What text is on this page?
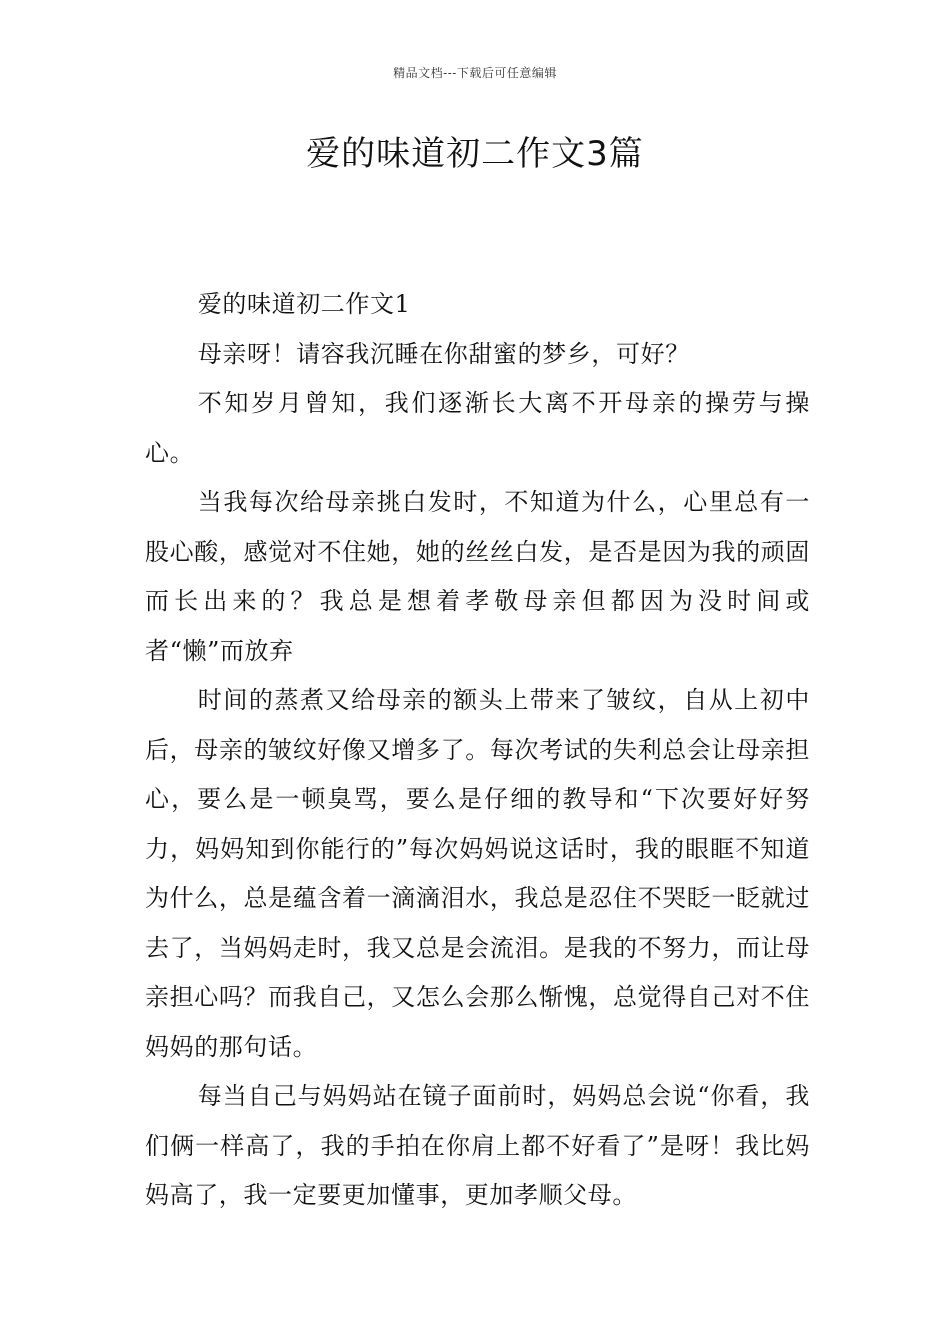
精品文档---下载后可任意编辑
爱的味道初二作文3篇

爱的味道初二作文1

母亲呀！请容我沉睡在你甜蜜的梦乡，可好？

不知岁月曾知，我们逐渐长大离不开母亲的操劳与操心。

当我每次给母亲挑白发时，不知道为什么，心里总有一股心酸，感觉对不住她，她的丝丝白发，是否是因为我的顽固而长出来的？我总是想着孝敬母亲但都因为没时间或者“懒”而放弃

时间的蒸煮又给母亲的额头上带来了皱纹，自从上初中后，母亲的皱纹好像又增多了。每次考试的失利总会让母亲担心，要么是一顿臭骂，要么是仔细的教导和“下次要好好努力，妈妈知到你能行的”每次妈妈说这话时，我的眼眶不知道为什么，总是蕴含着一滴滴泪水，我总是忍住不哭眨一眨就过去了，当妈妈走时，我又总是会流泪。是我的不努力，而让母亲担心吗？而我自己，又怎么会那么惭愧，总觉得自己对不住妈妈的那句话。

每当自己与妈妈站在镜子面前时，妈妈总会说“你看，我们俩一样高了，我的手拍在你肩上都不好看了”是呀！我比妈妈高了，我一定要更加懂事，更加孝顺父母。
